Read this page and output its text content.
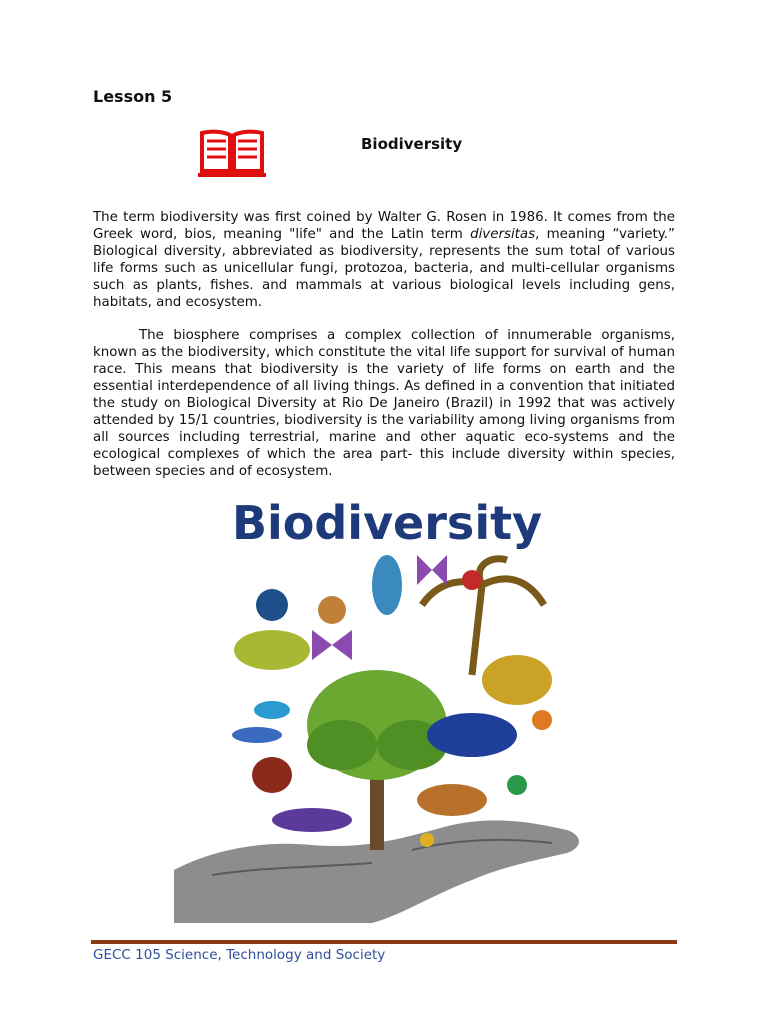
Lesson 5
Biodiversity

The term biodiversity was first coined by Walter G. Rosen in 1986. It comes from the Greek word, bios, meaning "life" and the Latin term diversitas, meaning “variety.” Biological diversity, abbreviated as biodiversity, represents the sum total of various life forms such as unicellular fungi, protozoa, bacteria, and multi-cellular organisms such as plants, fishes. and mammals at various biological levels including gens, habitats, and ecosystem.

The biosphere comprises a complex collection of innumerable organisms, known as the biodiversity, which constitute the vital life support for survival of human race. This means that biodiversity is the variety of life forms on earth and the essential interdependence of all living things. As defined in a convention that initiated the study on Biological Diversity at Rio De Janeiro (Brazil) in 1992 that was actively attended by 15/1 countries, biodiversity is the variability among living organisms from all sources including terrestrial, marine and other aquatic eco-systems and the ecological complexes of which the area part- this include diversity within species, between species and of ecosystem.

Biodiversity
GECC 105 Science, Technology and Society
